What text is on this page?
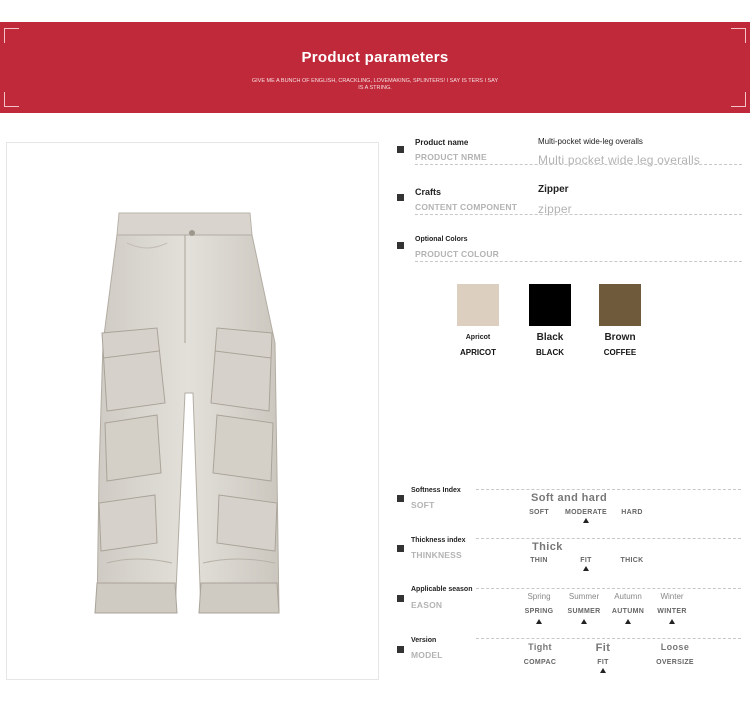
Product parameters
GIVE ME A BUNCH OF ENGLISH, CRACKLING, LOVEMAKING, SPLINTERS! I SAY IS TERS I SAY IS A STRING.
Product name
PRODUCT NRME
Multi-pocket wide-leg overalls
Multi pocket wide leg overalls
Crafts
CONTENT COMPONENT
Zipper
zipper
Optional Colors
PRODUCT COLOUR
Apricot
APRICOT
Black
BLACK
Brown
COFFEE
Softness Index
SOFT
Soft and hard
SOFT	MODERATE	HARD
Thickness index
THINKNESS
Thick
THIN	FIT	THICK
Applicable season
EASON
Spring	Summer	Autumn	Winter
SPRING	SUMMER	AUTUMN	WINTER
Version
MODEL
Tight	Fit	Loose
COMPAC	FIT	OVERSIZE
